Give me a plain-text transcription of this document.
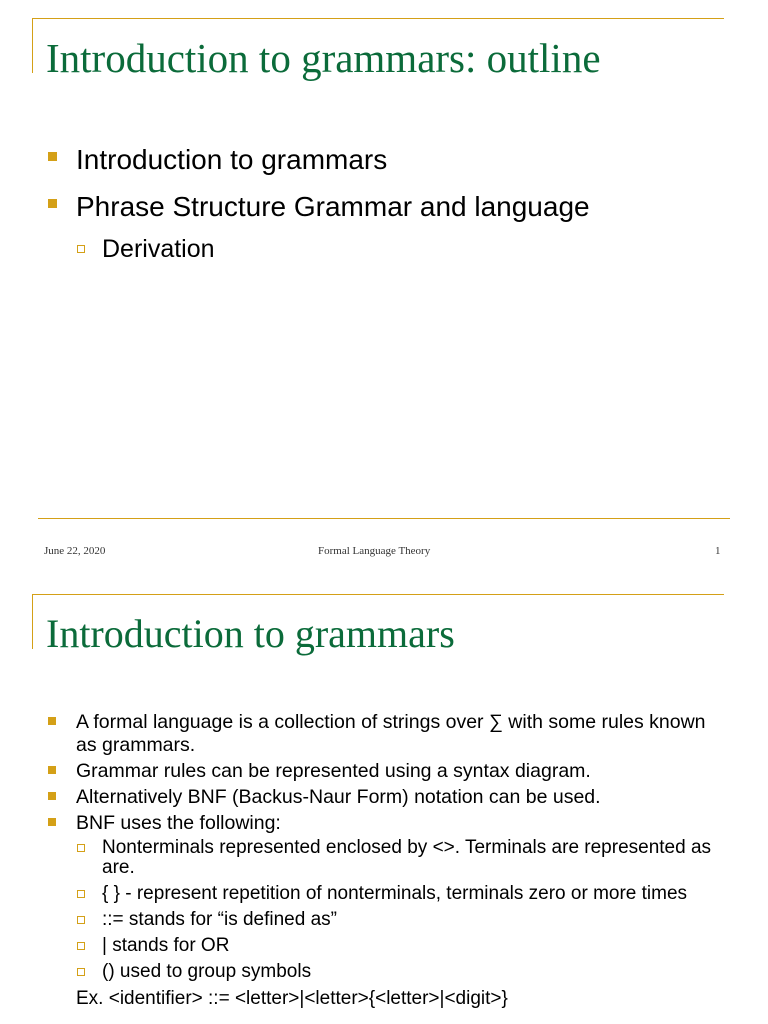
Introduction to grammars: outline
Introduction to grammars
Phrase Structure Grammar and language
Derivation
June 22, 2020	Formal Language Theory	1
Introduction to grammars
A formal language is a collection of strings over ∑ with some rules known as grammars.
Grammar rules can be represented using a syntax diagram.
Alternatively BNF (Backus-Naur Form) notation can be used.
BNF uses the following:
Nonterminals represented enclosed by <>. Terminals are represented as are.
{ } - represent repetition of nonterminals, terminals zero or more times
::= stands for “is defined as”
| stands for OR
() used to group symbols
Ex. <identifier> ::= <letter>|<letter>{<letter>|<digit>}
